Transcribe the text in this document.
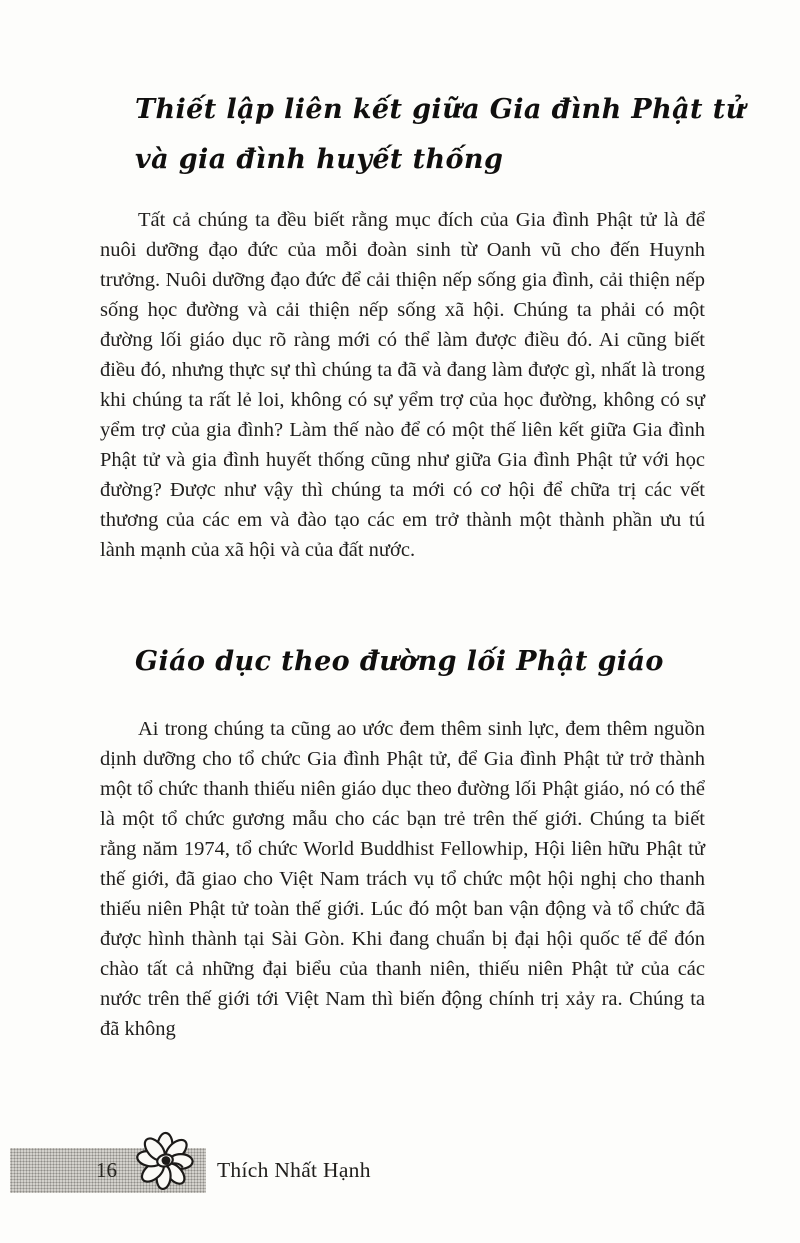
Thiết lập liên kết giữa Gia đình Phật tử
và gia đình huyết thống

Tất cả chúng ta đều biết rằng mục đích của Gia đình Phật tử là để nuôi dưỡng đạo đức của mỗi đoàn sinh từ Oanh vũ cho đến Huynh trưởng. Nuôi dưỡng đạo đức để cải thiện nếp sống gia đình, cải thiện nếp sống học đường và cải thiện nếp sống xã hội. Chúng ta phải có một đường lối giáo dục rõ ràng mới có thể làm được điều đó. Ai cũng biết điều đó, nhưng thực sự thì chúng ta đã và đang làm được gì, nhất là trong khi chúng ta rất lẻ loi, không có sự yểm trợ của học đường, không có sự yểm trợ của gia đình? Làm thế nào để có một thế liên kết giữa Gia đình Phật tử và gia đình huyết thống cũng như giữa Gia đình Phật tử với học đường? Được như vậy thì chúng ta mới có cơ hội để chữa trị các vết thương của các em và đào tạo các em trở thành một thành phần ưu tú lành mạnh của xã hội và của đất nước.

Giáo dục theo đường lối Phật giáo

Ai trong chúng ta cũng ao ước đem thêm sinh lực, đem thêm nguồn dịnh dưỡng cho tổ chức Gia đình Phật tử, để Gia đình Phật tử trở thành một tổ chức thanh thiếu niên giáo dục theo đường lối Phật giáo, nó có thể là một tổ chức gương mẫu cho các bạn trẻ trên thế giới. Chúng ta biết rằng năm 1974, tổ chức World Buddhist Fellowhip, Hội liên hữu Phật tử thế giới, đã giao cho Việt Nam trách vụ tổ chức một hội nghị cho thanh thiếu niên Phật tử toàn thế giới. Lúc đó một ban vận động và tổ chức đã được hình thành tại Sài Gòn. Khi đang chuẩn bị đại hội quốc tế để đón chào tất cả những đại biểu của thanh niên, thiếu niên Phật tử của các nước trên thế giới tới Việt Nam thì biến động chính trị xảy ra. Chúng ta đã không

16	Thích Nhất Hạnh
